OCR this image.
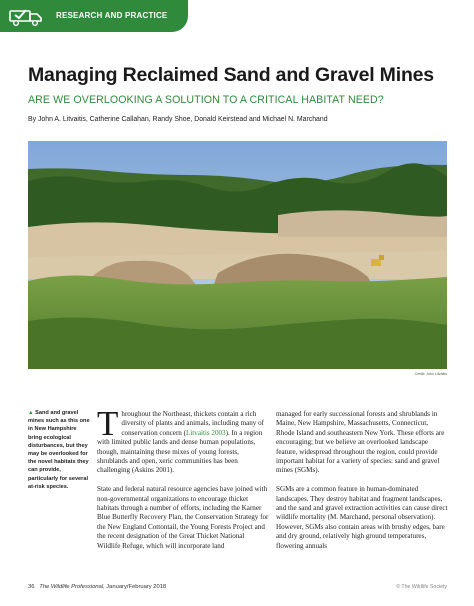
RESEARCH AND PRACTICE
Managing Reclaimed Sand and Gravel Mines
ARE WE OVERLOOKING A SOLUTION TO A CRITICAL HABITAT NEED?
By John A. Litvaitis, Catherine Callahan, Randy Shoe, Donald Keirstead and Michael N. Marchand
Credit: John Litvaitis
▲ Sand and gravel mines such as this one in New Hampshire bring ecological disturbances, but they may be overlooked for the novel habitats they can provide, particularly for several at-risk species.

Throughout the Northeast, thickets contain a rich diversity of plants and animals, including many of conservation concern (Litvaitis 2003). In a region with limited public lands and dense human populations, though, maintaining these mixes of young forests, shrublands and open, xeric communities has been challenging (Askins 2001).

State and federal natural resource agencies have joined with non-governmental organizations to encourage thicket habitats through a number of efforts, including the Karner Blue Butterfly Recovery Plan, the Conservation Strategy for the New England Cottontail, the Young Forests Project and the recent designation of the Great Thicket National Wildlife Refuge, which will incorporate land

managed for early successional forests and shrublands in Maine, New Hampshire, Massachusetts, Connecticut, Rhode Island and southeastern New York. These efforts are encouraging; but we believe an overlooked landscape feature, widespread throughout the region, could provide important habitat for a variety of species: sand and gravel mines (SGMs).

SGMs are a common feature in human-dominated landscapes. They destroy habitat and fragment landscapes, and the sand and gravel extraction activities can cause direct wildlife mortality (M. Marchand, personal observation). However, SGMs also contain areas with brushy edges, bare and dry ground, relatively high ground temperatures, flowering annuals

36 The Wildlife Professional, January/February 2018	© The Wildlife Society
